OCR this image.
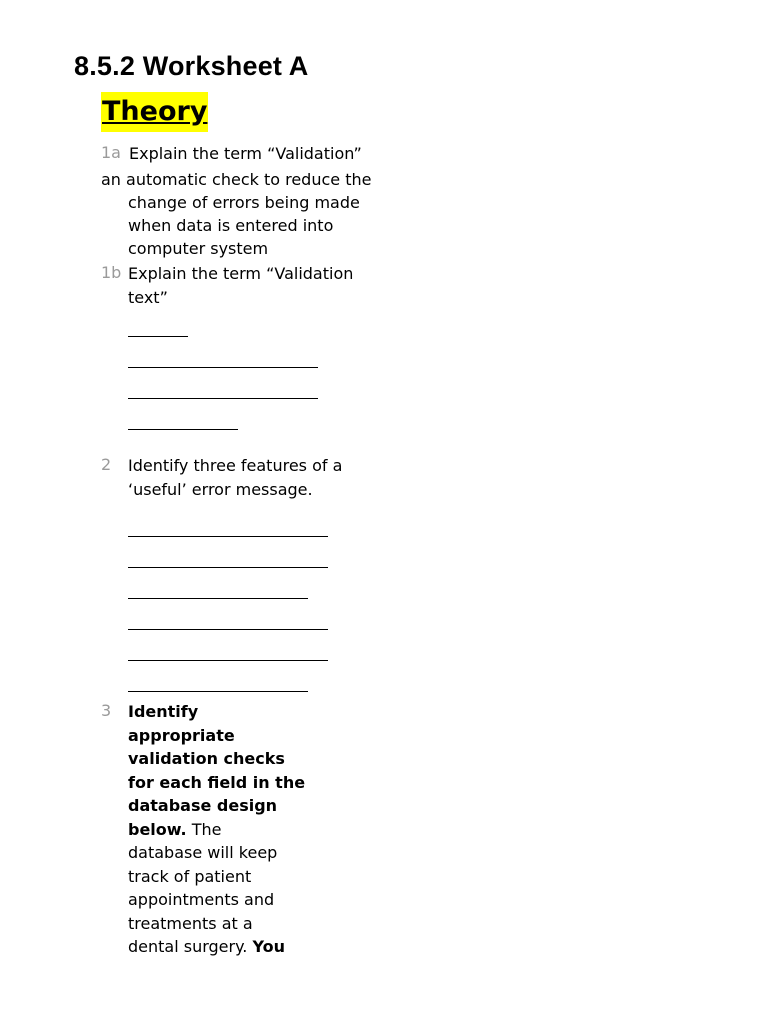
8.5.2 Worksheet A
Theory
1a Explain the term “Validation”
an automatic check to reduce the
change of errors being made
when data is entered into
computer system
1b Explain the term “Validation
text”
2 Identify three features of a
‘useful’ error message.
3 Identify
appropriate
validation checks
for each field in the
database design
below. The
database will keep
track of patient
appointments and
treatments at a
dental surgery. You
